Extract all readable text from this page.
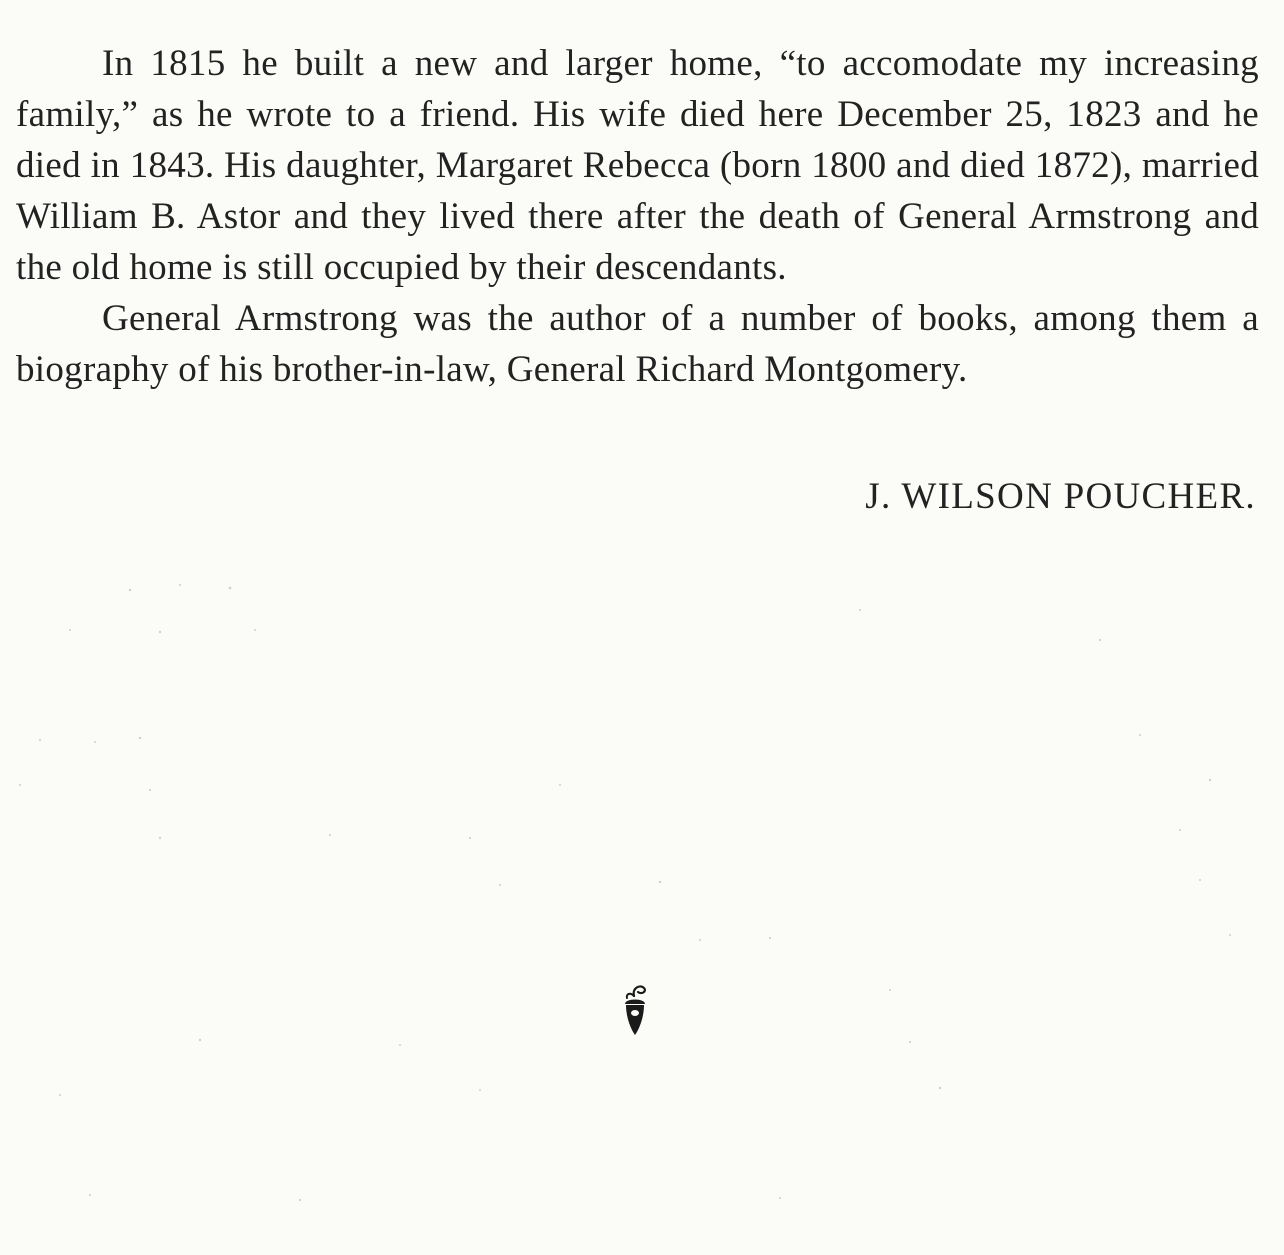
In 1815 he built a new and larger home, “to accomodate my increasing family,” as he wrote to a friend. His wife died here December 25, 1823 and he died in 1843. His daughter, Margaret Rebecca (born 1800 and died 1872), married William B. Astor and they lived there after the death of General Armstrong and the old home is still occupied by their descendants.

General Armstrong was the author of a number of books, among them a biography of his brother-in-law, General Richard Montgomery.

J. WILSON POUCHER.
